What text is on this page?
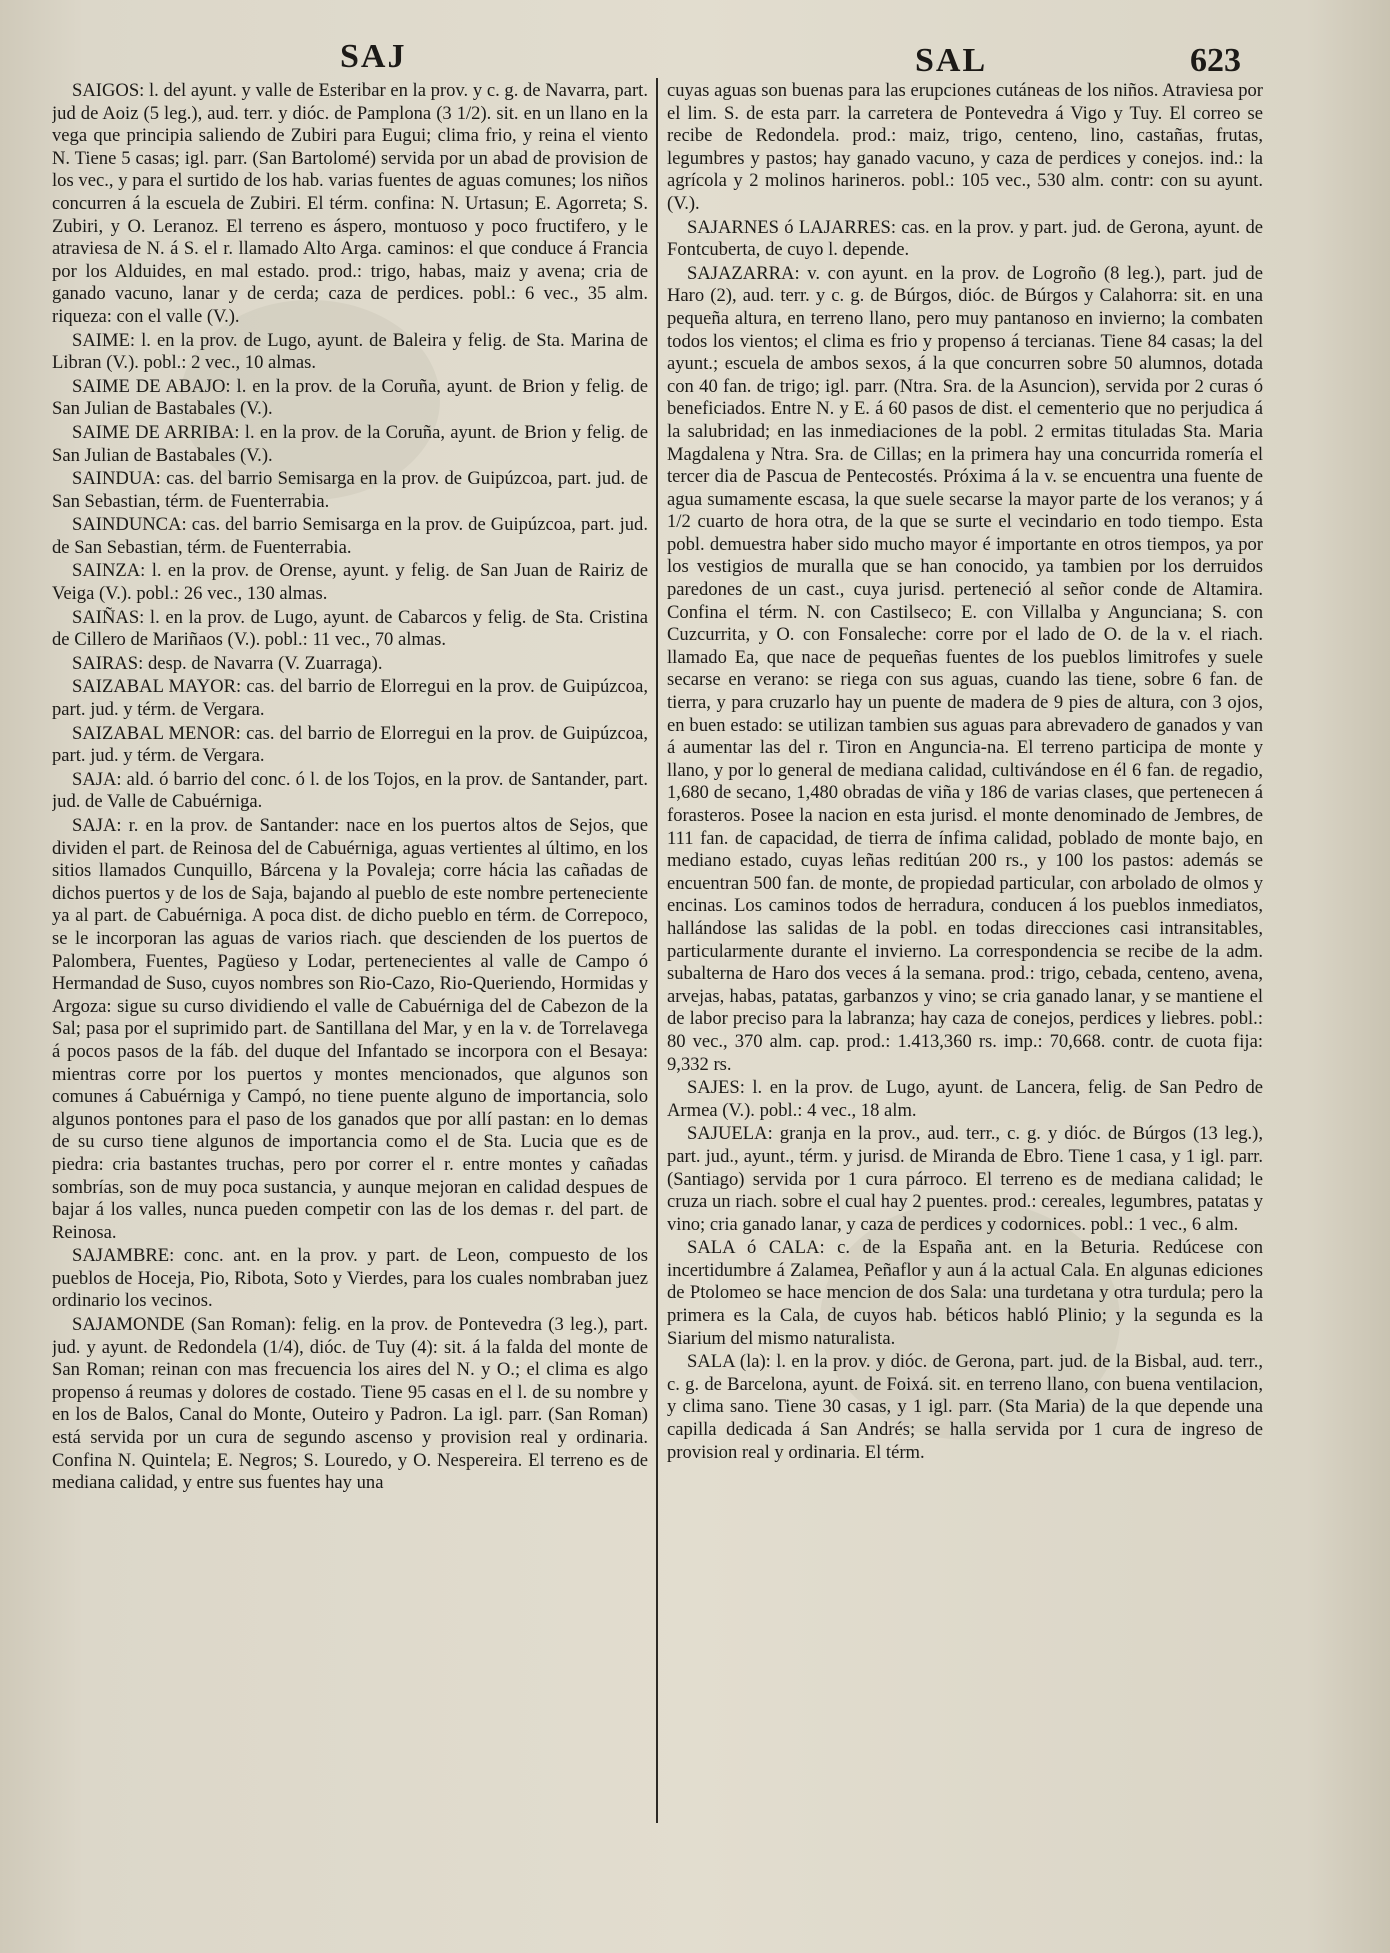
SAJ	SAL	623

SAIGOS: l. del ayunt. y valle de Esteribar en la prov. y c. g. de Navarra, part. jud de Aoiz (5 leg.), aud. terr. y dióc. de Pamplona (3 1/2). sit. en un llano en la vega que principia saliendo de Zubiri para Eugui; clima frio, y reina el viento N. Tiene 5 casas; igl. parr. (San Bartolomé) servida por un abad de provision de los vec., y para el surtido de los hab. varias fuentes de aguas comunes; los niños concurren á la escuela de Zubiri. El térm. confina: N. Urtasun; E. Agorreta; S. Zubiri, y O. Leranoz. El terreno es áspero, montuoso y poco fructifero, y le atraviesa de N. á S. el r. llamado Alto Arga. caminos: el que conduce á Francia por los Alduides, en mal estado. prod.: trigo, habas, maiz y avena; cria de ganado vacuno, lanar y de cerda; caza de perdices. pobl.: 6 vec., 35 alm. riqueza: con el valle (V.).

SAIME: l. en la prov. de Lugo, ayunt. de Baleira y felig. de Sta. Marina de Libran (V.). pobl.: 2 vec., 10 almas.

SAIME DE ABAJO: l. en la prov. de la Coruña, ayunt. de Brion y felig. de San Julian de Bastabales (V.).

SAIME DE ARRIBA: l. en la prov. de la Coruña, ayunt. de Brion y felig. de San Julian de Bastabales (V.).

SAINDUA: cas. del barrio Semisarga en la prov. de Guipúzcoa, part. jud. de San Sebastian, térm. de Fuenterrabia.

SAINDUNCA: cas. del barrio Semisarga en la prov. de Guipúzcoa, part. jud. de San Sebastian, térm. de Fuenterrabia.

SAINZA: l. en la prov. de Orense, ayunt. y felig. de San Juan de Rairiz de Veiga (V.). pobl.: 26 vec., 130 almas.

SAIÑAS: l. en la prov. de Lugo, ayunt. de Cabarcos y felig. de Sta. Cristina de Cillero de Mariñaos (V.). pobl.: 11 vec., 70 almas.

SAIRAS: desp. de Navarra (V. Zuarraga).

SAIZABAL MAYOR: cas. del barrio de Elorregui en la prov. de Guipúzcoa, part. jud. y térm. de Vergara.

SAIZABAL MENOR: cas. del barrio de Elorregui en la prov. de Guipúzcoa, part. jud. y térm. de Vergara.

SAJA: ald. ó barrio del conc. ó l. de los Tojos, en la prov. de Santander, part. jud. de Valle de Cabuérniga.

SAJA: r. en la prov. de Santander: nace en los puertos altos de Sejos, que dividen el part. de Reinosa del de Cabuérniga, aguas vertientes al último, en los sitios llamados Cunquillo, Bárcena y la Povaleja; corre hácia las cañadas de dichos puertos y de los de Saja, bajando al pueblo de este nombre perteneciente ya al part. de Cabuérniga. A poca dist. de dicho pueblo en térm. de Correpoco, se le incorporan las aguas de varios riach. que descienden de los puertos de Palombera, Fuentes, Pagüeso y Lodar, pertenecientes al valle de Campo ó Hermandad de Suso, cuyos nombres son Rio-Cazo, Rio-Queriendo, Hormidas y Argoza: sigue su curso dividiendo el valle de Cabuérniga del de Cabezon de la Sal; pasa por el suprimido part. de Santillana del Mar, y en la v. de Torrelavega á pocos pasos de la fáb. del duque del Infantado se incorpora con el Besaya: mientras corre por los puertos y montes mencionados, que algunos son comunes á Cabuérniga y Campó, no tiene puente alguno de importancia, solo algunos pontones para el paso de los ganados que por allí pastan: en lo demas de su curso tiene algunos de importancia como el de Sta. Lucia que es de piedra: cria bastantes truchas, pero por correr el r. entre montes y cañadas sombrías, son de muy poca sustancia, y aunque mejoran en calidad despues de bajar á los valles, nunca pueden competir con las de los demas r. del part. de Reinosa.

SAJAMBRE: conc. ant. en la prov. y part. de Leon, compuesto de los pueblos de Hoceja, Pio, Ribota, Soto y Vierdes, para los cuales nombraban juez ordinario los vecinos.

SAJAMONDE (San Roman): felig. en la prov. de Pontevedra (3 leg.), part. jud. y ayunt. de Redondela (1/4), dióc. de Tuy (4): sit. á la falda del monte de San Roman; reinan con mas frecuencia los aires del N. y O.; el clima es algo propenso á reumas y dolores de costado. Tiene 95 casas en el l. de su nombre y en los de Balos, Canal do Monte, Outeiro y Padron. La igl. parr. (San Roman) está servida por un cura de segundo ascenso y provision real y ordinaria. Confina N. Quintela; E. Negros; S. Louredo, y O. Nespereira. El terreno es de mediana calidad, y entre sus fuentes hay una

cuyas aguas son buenas para las erupciones cutáneas de los niños. Atraviesa por el lim. S. de esta parr. la carretera de Pontevedra á Vigo y Tuy. El correo se recibe de Redondela. prod.: maiz, trigo, centeno, lino, castañas, frutas, legumbres y pastos; hay ganado vacuno, y caza de perdices y conejos. ind.: la agrícola y 2 molinos harineros. pobl.: 105 vec., 530 alm. contr: con su ayunt. (V.).

SAJARNES ó LAJARRES: cas. en la prov. y part. jud. de Gerona, ayunt. de Fontcuberta, de cuyo l. depende.

SAJAZARRA: v. con ayunt. en la prov. de Logroño (8 leg.), part. jud de Haro (2), aud. terr. y c. g. de Búrgos, dióc. de Búrgos y Calahorra: sit. en una pequeña altura, en terreno llano, pero muy pantanoso en invierno; la combaten todos los vientos; el clima es frio y propenso á tercianas. Tiene 84 casas; la del ayunt.; escuela de ambos sexos, á la que concurren sobre 50 alumnos, dotada con 40 fan. de trigo; igl. parr. (Ntra. Sra. de la Asuncion), servida por 2 curas ó beneficiados. Entre N. y E. á 60 pasos de dist. el cementerio que no perjudica á la salubridad; en las inmediaciones de la pobl. 2 ermitas tituladas Sta. Maria Magdalena y Ntra. Sra. de Cillas; en la primera hay una concurrida romería el tercer dia de Pascua de Pentecostés. Próxima á la v. se encuentra una fuente de agua sumamente escasa, la que suele secarse la mayor parte de los veranos; y á 1/2 cuarto de hora otra, de la que se surte el vecindario en todo tiempo. Esta pobl. demuestra haber sido mucho mayor é importante en otros tiempos, ya por los vestigios de muralla que se han conocido, ya tambien por los derruidos paredones de un cast., cuya jurisd. perteneció al señor conde de Altamira. Confina el térm. N. con Castilseco; E. con Villalba y Angunciana; S. con Cuzcurrita, y O. con Fonsaleche: corre por el lado de O. de la v. el riach. llamado Ea, que nace de pequeñas fuentes de los pueblos limitrofes y suele secarse en verano: se riega con sus aguas, cuando las tiene, sobre 6 fan. de tierra, y para cruzarlo hay un puente de madera de 9 pies de altura, con 3 ojos, en buen estado: se utilizan tambien sus aguas para abrevadero de ganados y van á aumentar las del r. Tiron en Anguncia-na. El terreno participa de monte y llano, y por lo general de mediana calidad, cultivándose en él 6 fan. de regadio, 1,680 de secano, 1,480 obradas de viña y 186 de varias clases, que pertenecen á forasteros. Posee la nacion en esta jurisd. el monte denominado de Jembres, de 111 fan. de capacidad, de tierra de ínfima calidad, poblado de monte bajo, en mediano estado, cuyas leñas reditúan 200 rs., y 100 los pastos: además se encuentran 500 fan. de monte, de propiedad particular, con arbolado de olmos y encinas. Los caminos todos de herradura, conducen á los pueblos inmediatos, hallándose las salidas de la pobl. en todas direcciones casi intransitables, particularmente durante el invierno. La correspondencia se recibe de la adm. subalterna de Haro dos veces á la semana. prod.: trigo, cebada, centeno, avena, arvejas, habas, patatas, garbanzos y vino; se cria ganado lanar, y se mantiene el de labor preciso para la labranza; hay caza de conejos, perdices y liebres. pobl.: 80 vec., 370 alm. cap. prod.: 1.413,360 rs. imp.: 70,668. contr. de cuota fija: 9,332 rs.

SAJES: l. en la prov. de Lugo, ayunt. de Lancera, felig. de San Pedro de Armea (V.). pobl.: 4 vec., 18 alm.

SAJUELA: granja en la prov., aud. terr., c. g. y dióc. de Búrgos (13 leg.), part. jud., ayunt., térm. y jurisd. de Miranda de Ebro. Tiene 1 casa, y 1 igl. parr. (Santiago) servida por 1 cura párroco. El terreno es de mediana calidad; le cruza un riach. sobre el cual hay 2 puentes. prod.: cereales, legumbres, patatas y vino; cria ganado lanar, y caza de perdices y codornices. pobl.: 1 vec., 6 alm.

SALA ó CALA: c. de la España ant. en la Beturia. Redúcese con incertidumbre á Zalamea, Peñaflor y aun á la actual Cala. En algunas ediciones de Ptolomeo se hace mencion de dos Sala: una turdetana y otra turdula; pero la primera es la Cala, de cuyos hab. béticos habló Plinio; y la segunda es la Siarium del mismo naturalista.

SALA (la): l. en la prov. y dióc. de Gerona, part. jud. de la Bisbal, aud. terr., c. g. de Barcelona, ayunt. de Foixá. sit. en terreno llano, con buena ventilacion, y clima sano. Tiene 30 casas, y 1 igl. parr. (Sta Maria) de la que depende una capilla dedicada á San Andrés; se halla servida por 1 cura de ingreso de provision real y ordinaria. El térm.
